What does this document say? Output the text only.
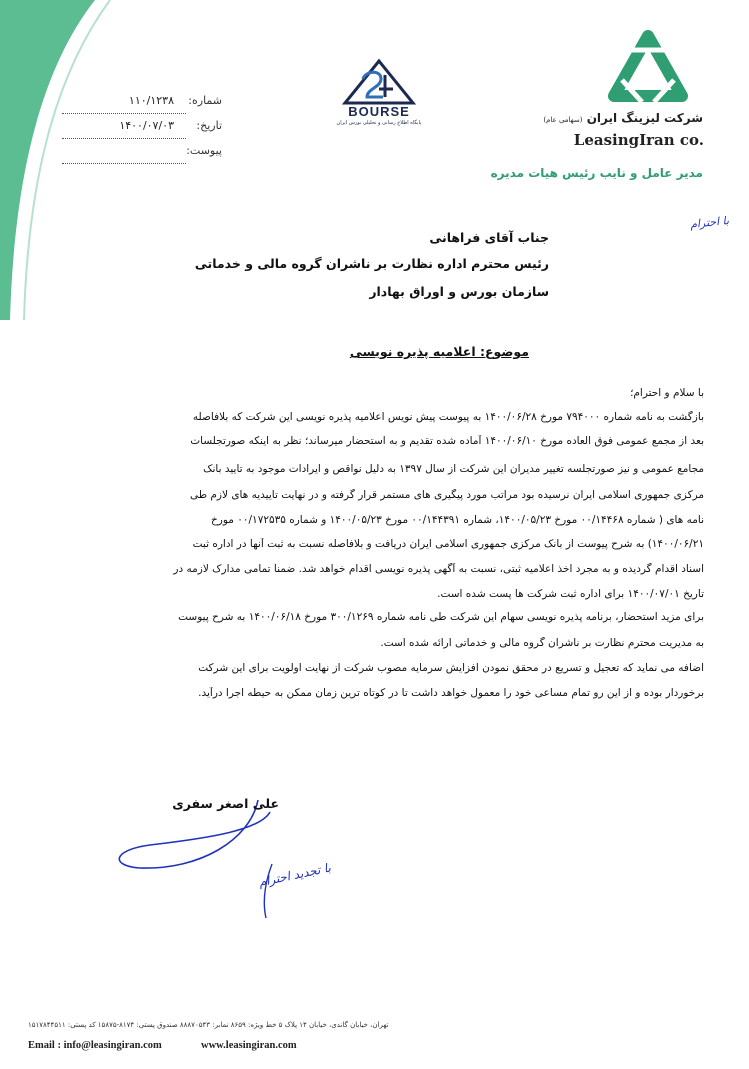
شماره:
۱۱۰/۱۲۳۸
تاریخ:
۱۴۰۰/۰۷/۰۳
پیوست:
BOURSE
پایگاه اطلاع رسانی و تحلیلی بورس ایران	شرکت لیزینگ ایران (سهامی عام)
LeasingIran co.
مدیر عامل و نایب رئیس هیات مدیره
با احترام
جناب آقای فراهانی
رئیس محترم اداره نظارت بر ناشران گروه مالی و خدماتی
سازمان بورس و اوراق بهادار
موضوع: اعلامیه پذیره نویسی
با سلام و احترام؛
بازگشت به نامه شماره ۷۹۴۰۰۰ مورخ ۱۴۰۰/۰۶/۲۸ به پیوست پیش نویس اعلامیه پذیره نویسی این شرکت که بلافاصله
بعد از مجمع عمومی فوق العاده مورخ ۱۴۰۰/۰۶/۱۰ آماده شده تقدیم و به استحضار میرساند؛ نظر به اینکه صورتجلسات
مجامع عمومی و نیز صورتجلسه تغییر مدیران این شرکت از سال ۱۳۹۷ به دلیل نواقص و ایرادات موجود به تایید بانک
مرکزی جمهوری اسلامی ایران نرسیده بود مراتب مورد پیگیری های مستمر قرار گرفته و در نهایت تاییدیه های لازم طی
نامه های ( شماره ۰۰/۱۴۴۶۸ مورخ ۱۴۰۰/۰۵/۲۳، شماره ۰۰/۱۴۴۳۹۱ مورخ ۱۴۰۰/۰۵/۲۳ و شماره ۰۰/۱۷۲۵۳۵ مورخ
۱۴۰۰/۰۶/۲۱) به شرح پیوست از بانک مرکزی جمهوری اسلامی ایران دریافت و بلافاصله نسبت به ثبت آنها در اداره ثبت
اسناد اقدام گردیده و به مجرد اخذ اعلامیه ثبتی، نسبت به آگهی پذیره نویسی اقدام خواهد شد. ضمناً تمامی مدارک لازمه در
تاریخ ۱۴۰۰/۰۷/۰۱ برای اداره ثبت شرکت ها پست شده است.
برای مزید استحضار، برنامه پذیره نویسی سهام این شرکت طی نامه شماره ۳۰۰/۱۲۶۹ مورخ ۱۴۰۰/۰۶/۱۸ به شرح پیوست
به مدیریت محترم نظارت بر ناشران گروه مالی و خدماتی ارائه شده است.
اضافه می نماید که تعجیل و تسریع در محقق نمودن افزایش سرمایه مصوب شرکت از نهایت اولویت برای این شرکت
برخوردار بوده و از این رو تمام مساعی خود را معمول خواهد داشت تا در کوتاه ترین زمان ممکن به حیطه اجرا درآید.
علی اصغر سفری
با تجدید احترام
تهران، خیابان گاندی، خیابان ۱۴ پلاک ۵ خط ویژه: ۸۶۵۹ نمابر: ۸۸۸۷۰۵۴۳ صندوق پستی: ۸۱۷۴-۱۵۸۷۵ کد پستی: ۱۵۱۷۸۴۴۵۱۱
Email : info@leasingiran.com	www.leasingiran.com
